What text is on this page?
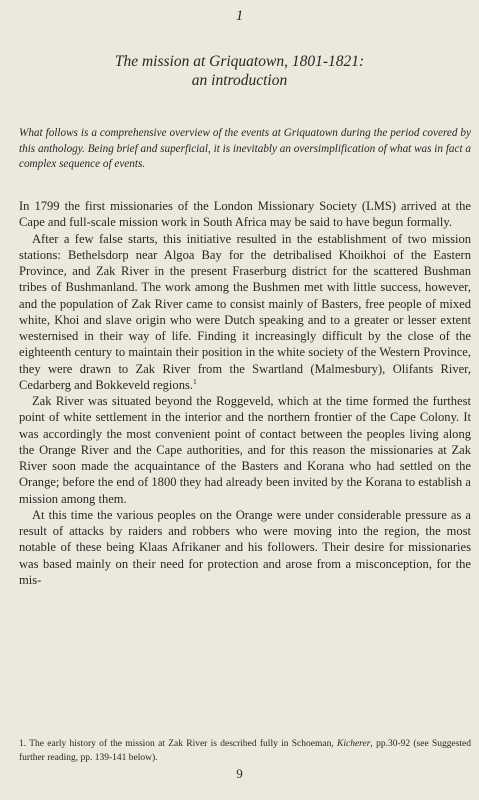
1
The mission at Griquatown, 1801-1821:
an introduction
What follows is a comprehensive overview of the events at Griquatown during the period covered by this anthology. Being brief and superficial, it is inevitably an oversimplification of what was in fact a complex sequence of events.

In 1799 the first missionaries of the London Missionary Society (LMS) arrived at the Cape and full-scale mission work in South Africa may be said to have begun formally.

After a few false starts, this initiative resulted in the establishment of two mission stations: Bethelsdorp near Algoa Bay for the detribalised Khoikhoi of the Eastern Province, and Zak River in the present Fraserburg district for the scattered Bushman tribes of Bushmanland. The work among the Bushmen met with little success, however, and the population of Zak River came to consist mainly of Basters, free people of mixed white, Khoi and slave origin who were Dutch speaking and to a greater or lesser extent westernised in their way of life. Finding it increasingly difficult by the close of the eighteenth century to maintain their position in the white society of the Western Province, they were drawn to Zak River from the Swartland (Malmesbury), Olifants River, Cedarberg and Bokkeveld regions.$^1$

Zak River was situated beyond the Roggeveld, which at the time formed the furthest point of white settlement in the interior and the northern frontier of the Cape Colony. It was accordingly the most convenient point of contact between the peoples living along the Orange River and the Cape authorities, and for this reason the missionaries at Zak River soon made the acquaintance of the Basters and Korana who had settled on the Orange; before the end of 1800 they had already been invited by the Korana to establish a mission among them.

At this time the various peoples on the Orange were under considerable pressure as a result of attacks by raiders and robbers who were moving into the region, the most notable of these being Klaas Afrikaner and his followers. Their desire for missionaries was based mainly on their need for protection and arose from a misconception, for the mis-

1. The early history of the mission at Zak River is described fully in Schoeman, Kicherer, pp.30-92 (see Suggested further reading, pp. 139-141 below).
9
